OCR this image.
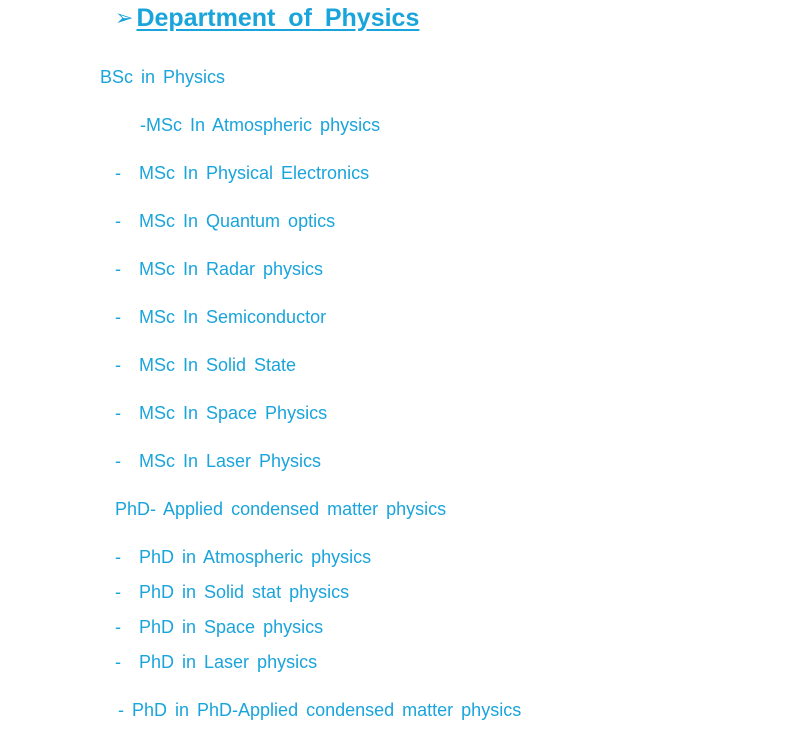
➢ Department of Physics
BSc in Physics
-MSc In Atmospheric physics
- MSc In Physical Electronics
- MSc In Quantum optics
- MSc In Radar physics
- MSc In Semiconductor
- MSc In Solid State
- MSc In Space Physics
- MSc In Laser Physics
PhD- Applied condensed matter physics
- PhD in Atmospheric physics
- PhD in Solid stat physics
- PhD in Space physics
- PhD in Laser physics
- PhD in PhD-Applied condensed matter physics
